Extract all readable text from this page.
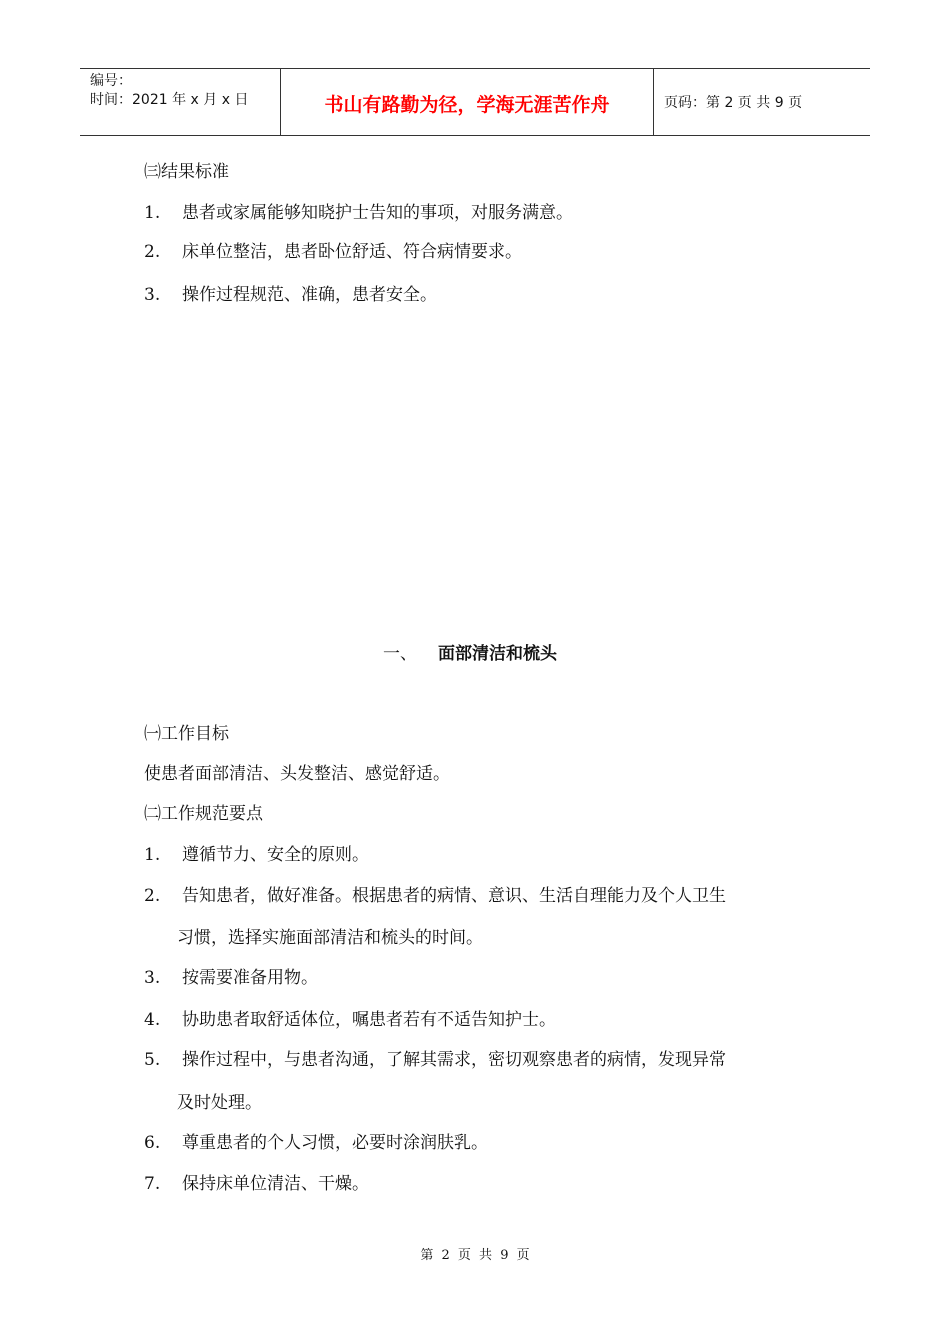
编号：
时间：2021 年 x 月 x 日	书山有路勤为径，学海无涯苦作舟	页码：第 2 页 共 9 页
㈢结果标准
1. 患者或家属能够知晓护士告知的事项，对服务满意。
2. 床单位整洁，患者卧位舒适、符合病情要求。
3. 操作过程规范、准确，患者安全。
一、 面部清洁和梳头
㈠工作目标
使患者面部清洁、头发整洁、感觉舒适。
㈡工作规范要点
1. 遵循节力、安全的原则。
2. 告知患者，做好准备。根据患者的病情、意识、生活自理能力及个人卫生
习惯，选择实施面部清洁和梳头的时间。
3. 按需要准备用物。
4. 协助患者取舒适体位，嘱患者若有不适告知护士。
5. 操作过程中，与患者沟通，了解其需求，密切观察患者的病情，发现异常
及时处理。
6. 尊重患者的个人习惯，必要时涂润肤乳。
7. 保持床单位清洁、干燥。
第 2 页 共 9 页
